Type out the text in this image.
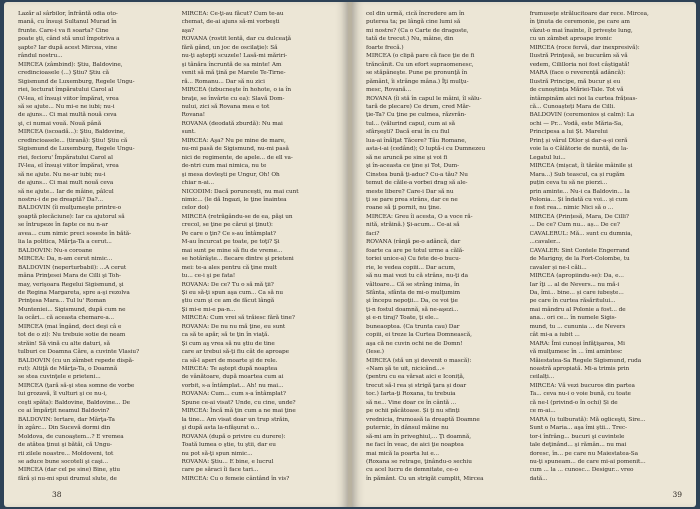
Lazăr al sârbilor, înfrântă odia oto-
mană, cu însuşi Sultanul Murad în
frunte. Care-i va fi soarta? Cine
poate şti, când stă unul împotriva a
şapte? Iar după acest Mircea, vine
rândul nostru...
MIRCEA (zâmbind): Ştiu, Baldovine,
credincioasele (...) Ştiu? Ştiu că
Sigismund de Luxemburg, Regele Ungu-
riei, lecturat împăratului Carol al
(V-lea, el însuşi viitor împărat, vrea
să se ajute... Nu mi-e ne iubi; nu-i
de ajuns... Ci mai multă nouă ceva
şi, ci numai vouă. Nouă până
MIRCEA (iscoadă...): Ştiu, Baldovine,
credincioasele... (tirană): Ştiu! Ştiu că
Sigismund de Luxemburg, Regele Ungu-
riei, fecioru' Împăratului Carol al
IV-lea, el însuşi viitor împărat, vrea
să ne ajute. Nu ne-ar iubi; nu-i
de ajuns... Ci mai mult nouă ceva
să ne ajute... Iar de mâine, pâlcul
nostru-i de pe dreaptă? Da?...
BALDOVIN (îi mulţumeşte printre-o
şoaptă plecăciune): Iar ca ajutorul să
se întrupeze în fapte ce nu n-ar
avea... cum nimic preci soseste în bătă-
lia la politica, Mărţa-Ta a cerut...
BALDOVIN: Nu-s coroane
MIRCEA: Da, n-am cerut nimic...
BALDOVIN (neperturbabil): ...A cerut
mâna Prinţesei Mara de Cilli şi Toh-
may, verişoara Regelui Sigismund, şi
de Regina Margareta, spre a-şi rezolva
Prinţesa Mara... Tul lu' Roman
Munteniei... Sigismund, după cum ne
la ocări... că aceasta chemare-a...
MIRCEA (mai îngând, deci deşi câ e
tot de o zi): Nu trebuie sotie de neam
străin! Să vină cu alte daturi, să
tulburi ce Doamna Cãre, a cuvinte Vlasiu?
BALDOVIN (cu un zâmbet repede dispă-
rut): Altiţă de Mărţa-Ta, o Doamnă
se stea cuvinţele e prieteni...
MIRCEA (ţară să-şi stea somne de vorbe
lui grozavă, îl vulturi şi ce nu-i,
ceşti spăta): Baldovine, Baldovine... De
ce ai împărţit neamul Baldovin?
BALDOVIN: Iertare, dar Mărţa-Ta
în zgârc... Din Sucevă dormi din
Moldova, de cunoaştem...? E vremea
de atâtea ţinui şi bătăi, că Ungu-
rii zilele noastre... Moldoveni, tot
se aduce bune socoteli şi caşi...
MIRCEA (dar cel pe sine) Bine, știu
fără și nu-mi spui drumul slute, de
MIRCEA: Ce-ţi-au făcut? Cum te-au
chemat, de-ai ajuns să-mi vorbeşti
aşa?
ROVANA (rostit lentă, dar cu dulceaţă
fără gând, un joc de oscilaţie): Să
nu-ţi aştepţi scuzele! Lasă-mi măriri-
şi tânăra încruntă de sa minte! Am
venit să mă ţină pe Marele Te-Tirne-
ră... Romanu... Dar să nu zici
MIRCEA (izbucneşte în hohote, o ia în
braţe, se învârte cu ea): Slavă Dom-
nului, zici să Rovana mea e tot
Rovana!
ROVANA (deodată zburdă): Nu mai
sunt.
MIRCEA: Aşa? Nu pe mine de mare,
nu-mi pasă de Sigismund, nu-mi pasă
nici de regimente, de apele... de ell va-
de-ntri cum mai nimica, nu te
şi mesa dovleşti pe Ungur, Oh! Oh
chiar n-ai...
NICODIM: Dacă poruncești, nu mai cunt
nimic... (le dă Ingazi, le ţine înaintea
celor doi)
MIRCEA (retrăgându-se de ea, păşi un
crecol, se ţine pe cărui şi ţinut):
Pe care o ţin? Ce s-au întâmplat?
M-au încurcat pe toate, pe toţi? Şi
mai sunt pe mine să fiu de vreme...
se hotărăşte... fiecare dintre şi prieteni
mei: te-a ales pentru că ţine mult
tu... ce-i şi pe fata!
ROVANA: De ce? Tu o să mă ţii?
Şi eu să-ţi spun aşa cum... Ca să nu
ştiu cum şi ce am de făcut lângă
Şi mi-e mi-e pa-n...
MIRCEA: Cum vrei să trăiesc fără tine?
ROVANA: De nu nu mă ţine, eu sunt
ca să te apăr, să te ţin în viaţă.
Şi cum aş vrea să nu ştiu de tine
care ar trebui să-ţi fiu cât de aproape
ca să-l aperi de moarte şi de rele.
MIRCEA: Te aştept după noaptea
de vânătoare, după moartea cum ai
vorbit, s-a întâmplat... Ah! nu mai...
ROVANA: Cum... cum s-a întâmplat?
Spune ce-ai visat? Unde, cu cine, unde?
MIRCEA: Încă mă ţin cum a ne mai ţine
la tine... Am visat doar un trup străin,
şi după asta la-nfăşurat o...
ROVANA (după o privire cu durere):
Toată lumea o ştie, tu ştii, dar eu
nu pot să-ţi spun nimic...
ROVANA: Ştiu... E bine, e lucrul
care pe săraci îi face tari...
MIRCEA: Cu o femeie cântând în vis?
38
cel din urmă, cică încredere am în
puterea ta; pe lângă cine lumi să
mi nostre? (Ca o Carte de dragoste,
tată de trecut.) Nu, mâine, din
foarte frecă.)
MIRCEA (o clipă pare că face ţie de fi
trăncănit. Cu un efort supraomenesc,
se stăpâneşte. Pune pe pronunţă în
pământ, îi strânge mâna.) Îţi mulţu-
mesc, Rovană...
ROVANA (îi stă în capul le mâini, îl sălu-
tară de plecare) Ce drum, cred Măr-
ţie-Ta? Cu ţine pe culmea, răzvrăn-
tul... (vălurind capul, cum ai să
sfârşeşti? Dacă erai în cu fiul
lua-ai înălţat Tăcere? Tău Romane,
asta-i-ai (cedând); O luptă-i cu Dumnezeu
să ne aruncă pe sine și voi fi
şi în-aceasta ce ţine și Tot, Dum-
Cinstea bună ţi-aduc? Cu-a tău? Nu
temut de căile-a vorbei drag să ale-
meste libere? Care-i Dar să nu
ţi se pare prea strâns, dar ce ne
roane să ţi pornit, nu ţine.
MIRCEA: Greu îi acesta, O a voce ră-
nită, străină.) Şi-acum... Ce-ai să
faci?
ROVANA (rânjă pe-o adâncă, dar
foarte ca are pe totul urme a călă-
toriei unice-a) Cu fete de-o bucu-
rie, le vedea copiii... Dar acum,
să nu mai vezi tu că strâns, nu-ţi da
vâltoare... Că se strâng inima, în
Sfânta, sfânta de mi-o mulţumim
şi începu nepoţii... Da, ce voi ţie
ţi-n fostul doamnă, să ne-aşezi...
şi e-n tiraj? Toate, ţi ele...
buneaoptea. (Ca trunta cau) Dar
copiii, ei treze la Curtea Domnească,
aşa că ne cuvin ochi ne de Domn!
(Iese.)
MIRCEA (stă un şi devenit o mască):
«Nam şă te uit, nicicând...»
(pentru cu ea vărsat aici e Iconiță,
trecut să-l rea și strigă ţara și doar
toc.) Iarta-ţi Roxana, tu trebuia
să ne... Vine doar ce în cântă ...
pe ochii păcătoase. Și ţi nu sfinţi
vrednicia, frumoasă la dreaptă Doamne
puternic, în dânsul mâine nu
să-mi am în priveghiul,... Ţi doamnă,
ne faci în veac, de aici ţie noaptea
mai mică la poarta lui e...
(Roxana se retrage, ţinându-o sechiu
cu acel lucru de demnitate, ce-o
în pământ. Cu un strigăt cumplit, Mircea
frumusețe strălucitoare dar rece. Mircea,
în ţinuta de ceremonie, pe care am
văzut-o mai înainte, îl privește lung,
cu un zâmbet aproape ironic
MIRCEA (roce fervă, dar inexpresivă):
Ilustră Prinţesă, se bucurăm să vă
vedem, Cililloria noi fost câștigată!
MARA (face o reverență adâncă):
Ilustră Principe, mă bucur și eu
de cunoștința Măriei-Tale. Tot vă
întâmpinăm aici noi la curtea frățeas-
că... Cunoașteți Mara de Cilli.
BALDOVIN (ceremonios și calm): La
ochi — Pr... Vodă, este Măria-Sa,
Principesa a lui Șt. Marelui
Prinț și vărul Dtlor și dar-a-și ceră
voie la o Călătorie de nuntă, de la-
Legatul lui...
MIRCEA (mișcat, îi tărâie mâinile și
Mara...) Sub teascul, ca și rugăm
puțin ceva tu să ne pierzi...
prin aminte... Nu-i ca Baldovin... la
Polonia... Și îndată cu voi... și cum
e fost rea... nimic Nici să o ...
MIRCEA (Prințesă, Mara, De Cilli?
... De ce? Cum nu... aș... De ce?
CAVALERUL: Mă... sunt cu dumnia,
...cavaler...
CAVALER: Sint Contele Engerrand
de Marigny, de la Fort-Colombe, tu
cavaler și ne-l căli...
MIRCEA (apropiindu-se): Da, e...
Iar îţi ... al de Nevers... nu mă-i
Da, îmi... bine... și care iubește...
pe care în curtea răsăritului...
mai mândru al Polonie a fost... de
ana... ori ce... în numele Sigis-
mund, tu ... cununia ... de Nevers
cât mi-a a iubit ...
MARA: Îmi cunoși înfăţişarea, Mi
vă mulţumesc în ... îmi amintesc
Măiestatea-Sa Regele Sigismund, ruda
noastră apropiată. Mi-a trimis prin
ceilalți...
MIRCEA: Vă vezi bucuros din partea
Ta... ceva nu-i o voie bună, cu toate
că ne-l (privind-o în ochi) Și de
ce m-ai...
MARA (u tulburată): Mă ogliceşti, Sire...
Sunt o Maria... aşa îmi ştii... Trec-
tor-i înfrâng... bucuri şi cuvintele
tale deţinând... şi rămân... nu mai
doresc, în... pe care nu Maiestatea-Sa
nu-ţi spuneam... de care mi-ai pomenit...
cum ... la ... cunosc... Desigur... vreo
dată...
39
